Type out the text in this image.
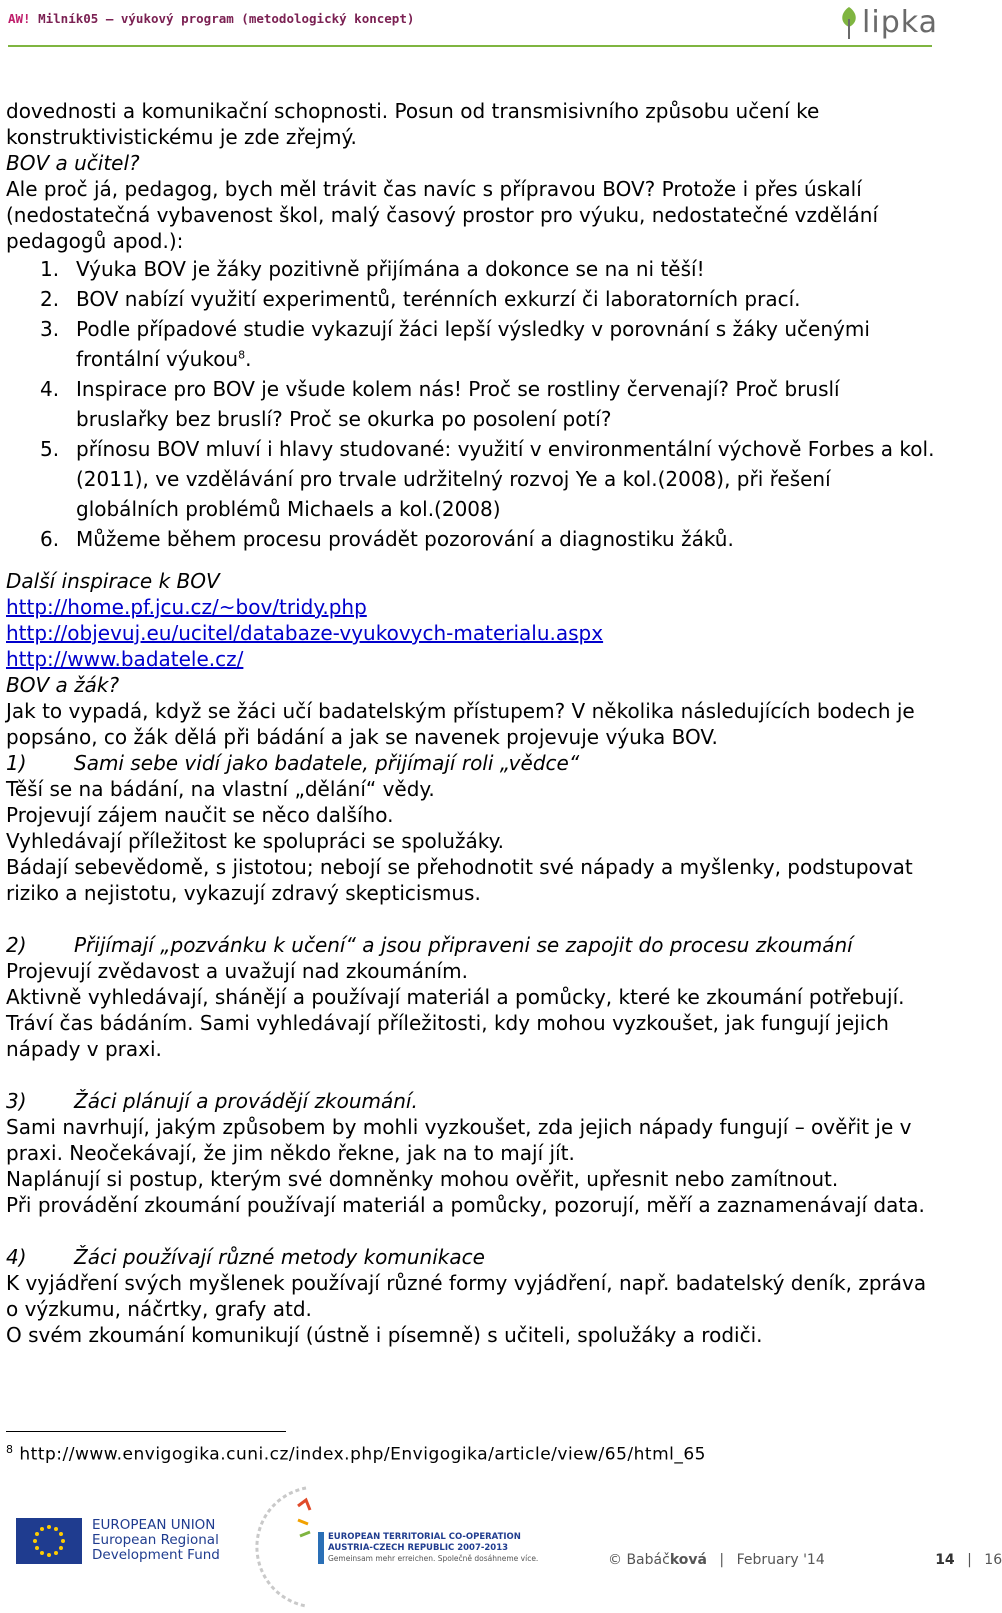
AW! Milník05 – výukový program (metodologický koncept)	lipka

dovednosti a komunikační schopnosti. Posun od transmisivního způsobu učení ke konstruktivistickému je zde zřejmý.

BOV a učitel?

Ale proč já, pedagog, bych měl trávit čas navíc s přípravou BOV? Protože i přes úskalí (nedostatečná vybavenost škol, malý časový prostor pro výuku, nedostatečné vzdělání pedagogů apod.):

1. Výuka BOV je žáky pozitivně přijímána a dokonce se na ni těší!
2. BOV nabízí využití experimentů, terénních exkurzí či laboratorních prací.
3. Podle případové studie vykazují žáci lepší výsledky v porovnání s žáky učenými frontální výukou$^8$.
4. Inspirace pro BOV je všude kolem nás! Proč se rostliny červenají? Proč bruslí bruslařky bez bruslí? Proč se okurka po posolení potí?
5. přínosu BOV mluví i hlavy studované: využití v environmentální výchově Forbes a kol. (2011), ve vzdělávání pro trvale udržitelný rozvoj Ye a kol.(2008), při řešení globálních problémů Michaels a kol.(2008)
6. Můžeme během procesu provádět pozorování a diagnostiku žáků.

Další inspirace k BOV

http://home.pf.jcu.cz/~bov/tridy.php

http://objevuj.eu/ucitel/databaze-vyukovych-materialu.aspx

http://www.badatele.cz/

BOV a žák?

Jak to vypadá, když se žáci učí badatelským přístupem? V několika následujících bodech je popsáno, co žák dělá při bádání a jak se navenek projevuje výuka BOV.

1) Sami sebe vidí jako badatele, přijímají roli „vědce“

Těší se na bádání, na vlastní „dělání“ vědy.

Projevují zájem naučit se něco dalšího.

Vyhledávají příležitost ke spolupráci se spolužáky.

Bádají sebevědomě, s jistotou; nebojí se přehodnotit své nápady a myšlenky, podstupovat riziko a nejistotu, vykazují zdravý skepticismus.

2) Přijímají „pozvánku k učení“ a jsou připraveni se zapojit do procesu zkoumání

Projevují zvědavost a uvažují nad zkoumáním.

Aktivně vyhledávají, shánějí a používají materiál a pomůcky, které ke zkoumání potřebují.

Tráví čas bádáním. Sami vyhledávají příležitosti, kdy mohou vyzkoušet, jak fungují jejich nápady v praxi.

3) Žáci plánují a provádějí zkoumání.

Sami navrhují, jakým způsobem by mohli vyzkoušet, zda jejich nápady fungují – ověřit je v praxi. Neočekávají, že jim někdo řekne, jak na to mají jít.

Naplánují si postup, kterým své domněnky mohou ověřit, upřesnit nebo zamítnout.

Při provádění zkoumání používají materiál a pomůcky, pozorují, měří a zaznamenávají data.

4) Žáci používají různé metody komunikace

K vyjádření svých myšlenek používají různé formy vyjádření, např. badatelský deník, zpráva o výzkumu, náčrtky, grafy atd.

O svém zkoumání komunikují (ústně i písemně) s učiteli, spolužáky a rodiči.

$^8$ http://www.envigogika.cuni.cz/index.php/Envigogika/article/view/65/html_65
EUROPEAN UNION
European Regional
Development Fund
EUROPEAN TERRITORIAL CO-OPERATION
AUSTRIA-CZECH REPUBLIC 2007-2013
Gemeinsam mehr erreichen. Společně dosáhneme více.	© Babáčková | February '14	14 | 16
